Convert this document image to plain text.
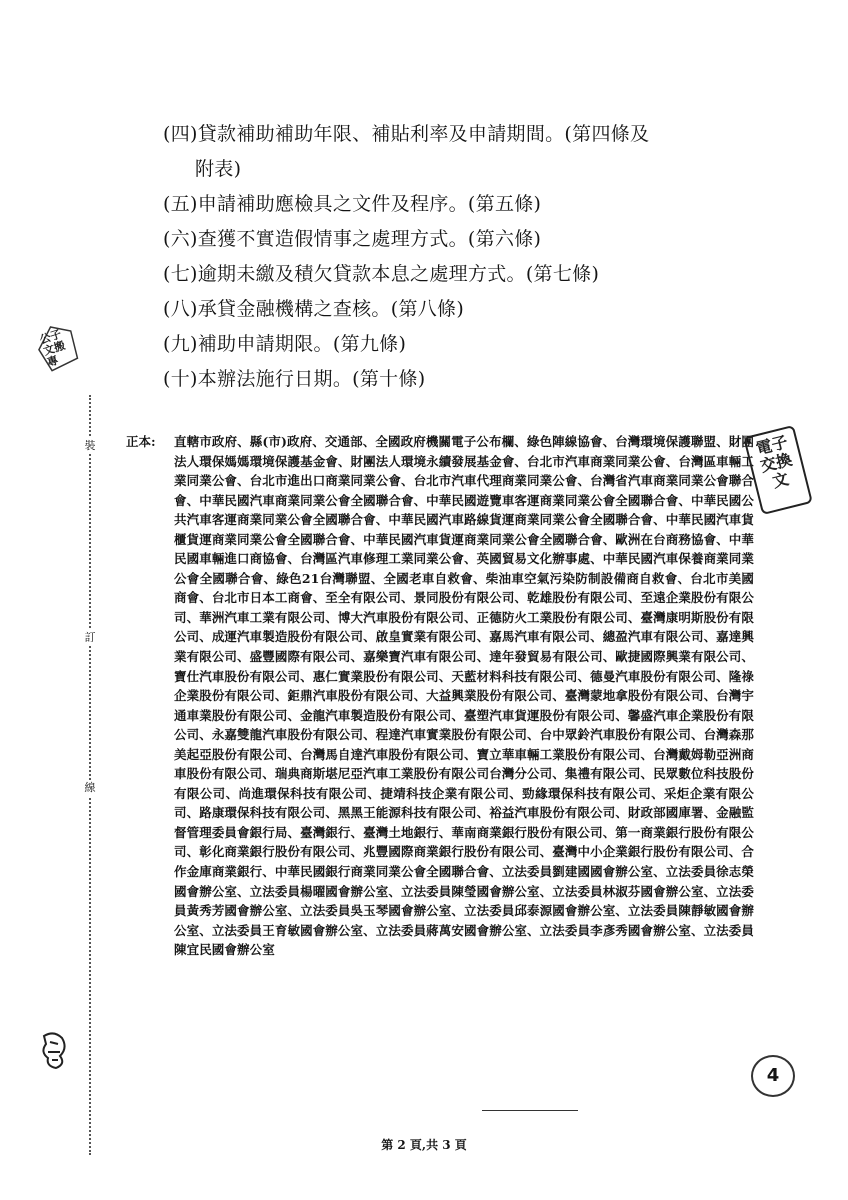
裝
訂
線
公子文搬專
(四)貸款補助補助年限、補貼利率及申請期間。(第四條及
附表)
(五)申請補助應檢具之文件及程序。(第五條)
(六)查獲不實造假情事之處理方式。(第六條)
(七)逾期未繳及積欠貸款本息之處理方式。(第七條)
(八)承貸金融機構之查核。(第八條)
(九)補助申請期限。(第九條)
(十)本辦法施行日期。(第十條)
正本: 直轄市政府、縣(市)政府、交通部、全國政府機關電子公布欄、綠色陣線協會、台灣環境保護聯盟、財團法人環保媽媽環境保護基金會、財團法人環境永續發展基金會、台北市汽車商業同業公會、台灣區車輛工業同業公會、台北市進出口商業同業公會、台北市汽車代理商業同業公會、台灣省汽車商業同業公會聯合會、中華民國汽車商業同業公會全國聯合會、中華民國遊覽車客運商業同業公會全國聯合會、中華民國公共汽車客運商業同業公會全國聯合會、中華民國汽車路線貨運商業同業公會全國聯合會、中華民國汽車貨櫃貨運商業同業公會全國聯合會、中華民國汽車貨運商業同業公會全國聯合會、歐洲在台商務協會、中華民國車輛進口商協會、台灣區汽車修理工業同業公會、英國貿易文化辦事處、中華民國汽車保養商業同業公會全國聯合會、綠色21台灣聯盟、全國老車自救會、柴油車空氣污染防制設備商自救會、台北市美國商會、台北市日本工商會、至全有限公司、景同股份有限公司、乾雄股份有限公司、至遠企業股份有限公司、華洲汽車工業有限公司、博大汽車股份有限公司、正德防火工業股份有限公司、臺灣康明斯股份有限公司、成運汽車製造股份有限公司、啟皇實業有限公司、嘉馬汽車有限公司、總盈汽車有限公司、嘉達興業有限公司、盛豐國際有限公司、嘉樂寶汽車有限公司、達年發貿易有限公司、歐捷國際興業有限公司、寶仕汽車股份有限公司、惠仁實業股份有限公司、天藍材料科技有限公司、德曼汽車股份有限公司、隆祿企業股份有限公司、鉅鼎汽車股份有限公司、大益興業股份有限公司、臺灣蒙地拿股份有限公司、台灣宇通車業股份有限公司、金龍汽車製造股份有限公司、臺塑汽車貨運股份有限公司、馨盛汽車企業股份有限公司、永嘉雙龍汽車股份有限公司、程達汽車實業股份有限公司、台中眾鈴汽車股份有限公司、台灣森那美起亞股份有限公司、台灣馬自達汽車股份有限公司、寶立華車輛工業股份有限公司、台灣戴姆勒亞洲商車股份有限公司、瑞典商斯堪尼亞汽車工業股份有限公司台灣分公司、集禮有限公司、民眾數位科技股份有限公司、尚進環保科技有限公司、捷靖科技企業有限公司、勁緣環保科技有限公司、采炬企業有限公司、路康環保科技有限公司、黑黑王能源科技有限公司、裕益汽車股份有限公司、財政部國庫署、金融監督管理委員會銀行局、臺灣銀行、臺灣土地銀行、華南商業銀行股份有限公司、第一商業銀行股份有限公司、彰化商業銀行股份有限公司、兆豐國際商業銀行股份有限公司、臺灣中小企業銀行股份有限公司、合作金庫商業銀行、中華民國銀行商業同業公會全國聯合會、立法委員劉建國國會辦公室、立法委員徐志榮國會辦公室、立法委員楊曜國會辦公室、立法委員陳瑩國會辦公室、立法委員林淑芬國會辦公室、立法委員黃秀芳國會辦公室、立法委員吳玉琴國會辦公室、立法委員邱泰源國會辦公室、立法委員陳靜敏國會辦公室、立法委員王育敏國會辦公室、立法委員蔣萬安國會辦公室、立法委員李彥秀國會辦公室、立法委員陳宜民國會辦公室
電子交換文
4
第 2 頁,共 3 頁
